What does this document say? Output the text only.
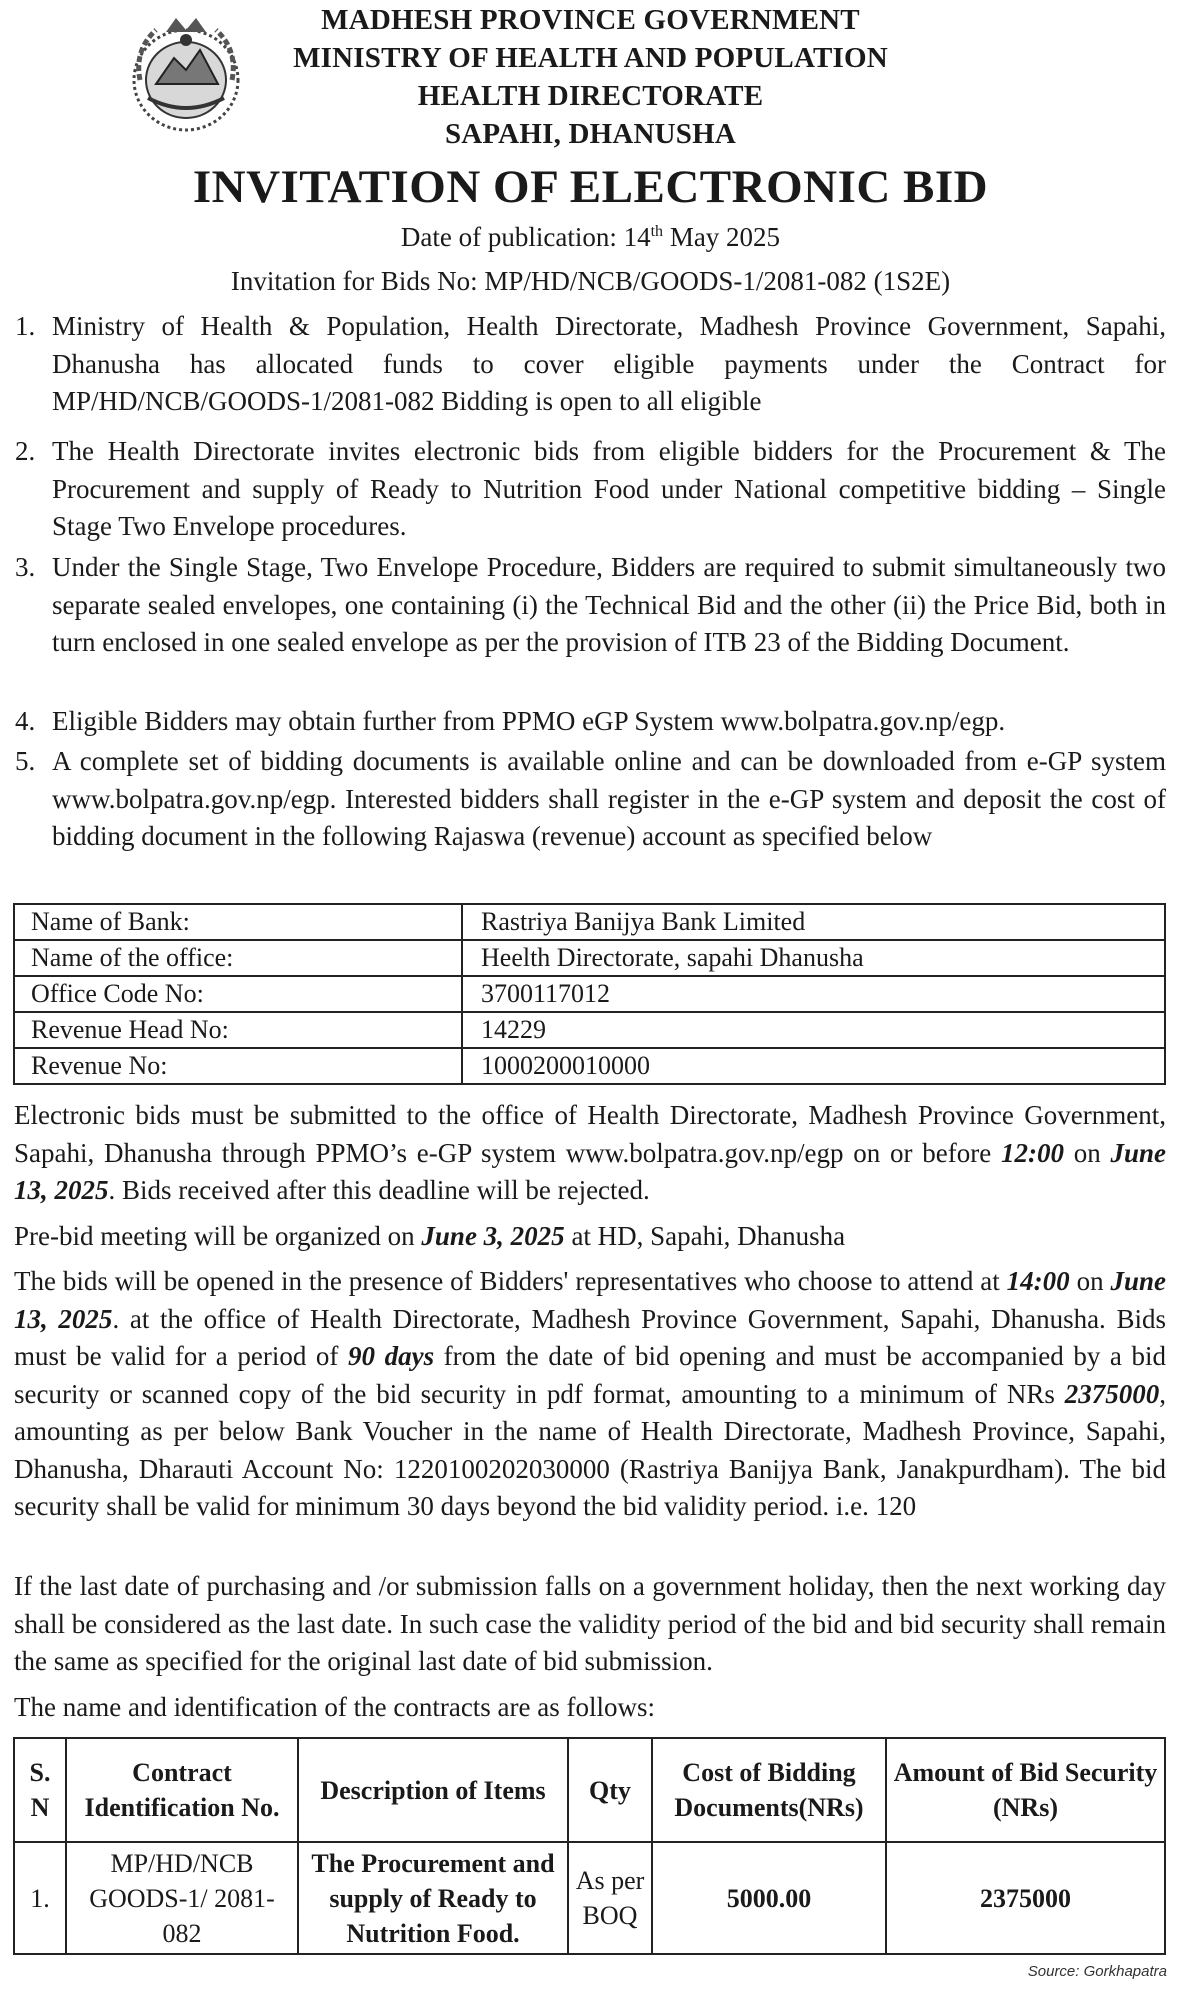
MADHESH PROVINCE GOVERNMENT
MINISTRY OF HEALTH AND POPULATION
HEALTH DIRECTORATE
SAPAHI, DHANUSHA
INVITATION OF ELECTRONIC BID
Date of publication: 14th May 2025
Invitation for Bids No: MP/HD/NCB/GOODS-1/2081-082 (1S2E)
1. Ministry of Health & Population, Health Directorate, Madhesh Province Government, Sapahi, Dhanusha has allocated funds to cover eligible payments under the Contract for MP/HD/NCB/GOODS-1/2081-082 Bidding is open to all eligible
2. The Health Directorate invites electronic bids from eligible bidders for the Procurement & The Procurement and supply of Ready to Nutrition Food under National competitive bidding – Single Stage Two Envelope procedures.
3. Under the Single Stage, Two Envelope Procedure, Bidders are required to submit simultaneously two separate sealed envelopes, one containing (i) the Technical Bid and the other (ii) the Price Bid, both in turn enclosed in one sealed envelope as per the provision of ITB 23 of the Bidding Document.
4. Eligible Bidders may obtain further from PPMO eGP System www.bolpatra.gov.np/egp.
5. A complete set of bidding documents is available online and can be downloaded from e-GP system www.bolpatra.gov.np/egp. Interested bidders shall register in the e-GP system and deposit the cost of bidding document in the following Rajaswa (revenue) account as specified below
Name of Bank:	Rastriya Banijya Bank Limited
Name of the office:	Heelth Directorate, sapahi Dhanusha
Office Code No:	3700117012
Revenue Head No:	14229
Revenue No:	1000200010000
Electronic bids must be submitted to the office of Health Directorate, Madhesh Province Government, Sapahi, Dhanusha through PPMO’s e-GP system www.bolpatra.gov.np/egp on or before 12:00 on June 13, 2025. Bids received after this deadline will be rejected.
Pre-bid meeting will be organized on June 3, 2025 at HD, Sapahi, Dhanusha
The bids will be opened in the presence of Bidders' representatives who choose to attend at 14:00 on June 13, 2025. at the office of Health Directorate, Madhesh Province Government, Sapahi, Dhanusha. Bids must be valid for a period of 90 days from the date of bid opening and must be accompanied by a bid security or scanned copy of the bid security in pdf format, amounting to a minimum of NRs 2375000, amounting as per below Bank Voucher in the name of Health Directorate, Madhesh Province, Sapahi, Dhanusha, Dharauti Account No: 1220100202030000 (Rastriya Banijya Bank, Janakpurdham). The bid security shall be valid for minimum 30 days beyond the bid validity period. i.e. 120
If the last date of purchasing and /or submission falls on a government holiday, then the next working day shall be considered as the last date. In such case the validity period of the bid and bid security shall remain the same as specified for the original last date of bid submission.
The name and identification of the contracts are as follows:
S. N	Contract Identification No.	Description of Items	Qty	Cost of Bidding Documents(NRs)	Amount of Bid Security (NRs)
1.	MP/HD/NCB GOODS-1/ 2081-082	The Procurement and supply of Ready to Nutrition Food.	As per BOQ	5000.00	2375000
Source: Gorkhapatra
